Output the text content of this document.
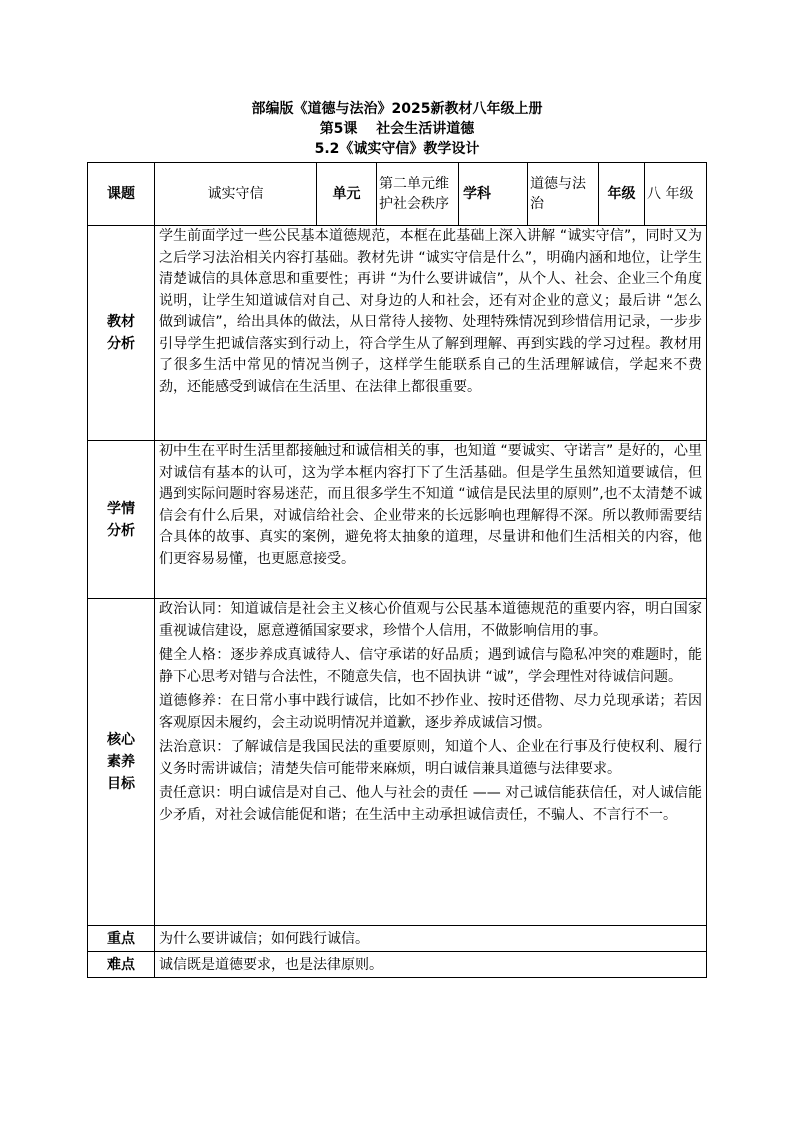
部编版《道德与法治》2025新教材八年级上册
第5课　 社会生活讲道德
5.2《诚实守信》教学设计
课题	诚实守信	单元	第二单元维护社会秩序	学科	道德与法治	年级	八 年级

教材分析	学生前面学过一些公民基本道德规范，本框在此基础上深入讲解 “诚实守信”，同时又为之后学习法治相关内容打基础。教材先讲 “诚实守信是什么”，明确内涵和地位，让学生清楚诚信的具体意思和重要性；再讲 “为什么要讲诚信”，从个人、社会、企业三个角度说明，让学生知道诚信对自己、对身边的人和社会，还有对企业的意义；最后讲 “怎么做到诚信”，给出具体的做法，从日常待人接物、处理特殊情况到珍惜信用记录，一步步引导学生把诚信落实到行动上，符合学生从了解到理解、再到实践的学习过程。教材用了很多生活中常见的情况当例子，这样学生能联系自己的生活理解诚信，学起来不费劲，还能感受到诚信在生活里、在法律上都很重要。						

学情分析	初中生在平时生活里都接触过和诚信相关的事，也知道 “要诚实、守诺言” 是好的，心里对诚信有基本的认可，这为学本框内容打下了生活基础。但是学生虽然知道要诚信，但遇到实际问题时容易迷茫，而且很多学生不知道 “诚信是民法里的原则”,也不太清楚不诚信会有什么后果，对诚信给社会、企业带来的长远影响也理解得不深。所以教师需要结合具体的故事、真实的案例，避免将太抽象的道理，尽量讲和他们生活相关的内容，他们更容易易懂，也更愿意接受。						

核心素养目标	政治认同：知道诚信是社会主义核心价值观与公民基本道德规范的重要内容，明白国家重视诚信建设，愿意遵循国家要求，珍惜个人信用，不做影响信用的事。

健全人格：逐步养成真诚待人、信守承诺的好品质；遇到诚信与隐私冲突的难题时，能静下心思考对错与合法性，不随意失信，也不固执讲 “诚”，学会理性对待诚信问题。

道德修养：在日常小事中践行诚信，比如不抄作业、按时还借物、尽力兑现承诺；若因客观原因未履约，会主动说明情况并道歉，逐步养成诚信习惯。

法治意识：了解诚信是我国民法的重要原则，知道个人、企业在行事及行使权利、履行义务时需讲诚信；清楚失信可能带来麻烦，明白诚信兼具道德与法律要求。

责任意识：明白诚信是对自己、他人与社会的责任 —— 对己诚信能获信任，对人诚信能少矛盾，对社会诚信能促和谐；在生活中主动承担诚信责任，不骗人、不言行不一。						

重点	为什么要讲诚信；如何践行诚信。						
难点	诚信既是道德要求，也是法律原则。						
